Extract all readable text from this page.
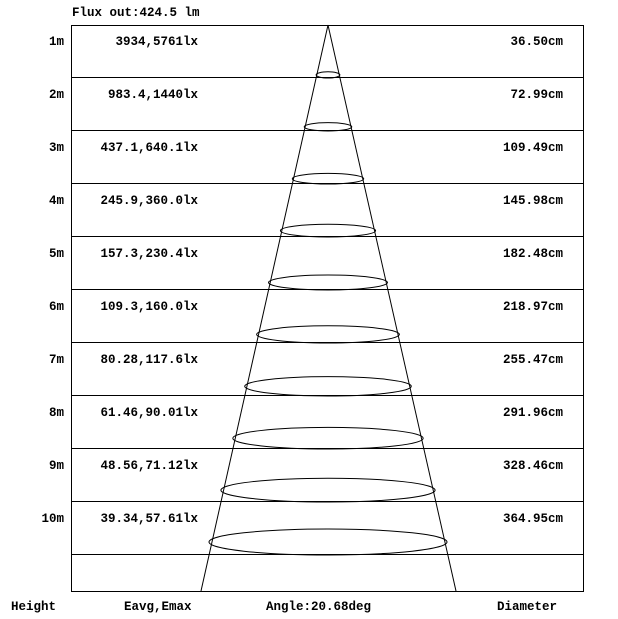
Flux out:424.5 lm
1m	3934,5761lx	36.50cm
2m	983.4,1440lx	72.99cm
3m	437.1,640.1lx	109.49cm
4m	245.9,360.0lx	145.98cm
5m	157.3,230.4lx	182.48cm
6m	109.3,160.0lx	218.97cm
7m	80.28,117.6lx	255.47cm
8m	61.46,90.01lx	291.96cm
9m	48.56,71.12lx	328.46cm
10m	39.34,57.61lx	364.95cm
Height	Eavg,Emax	Angle:20.68deg	Diameter
